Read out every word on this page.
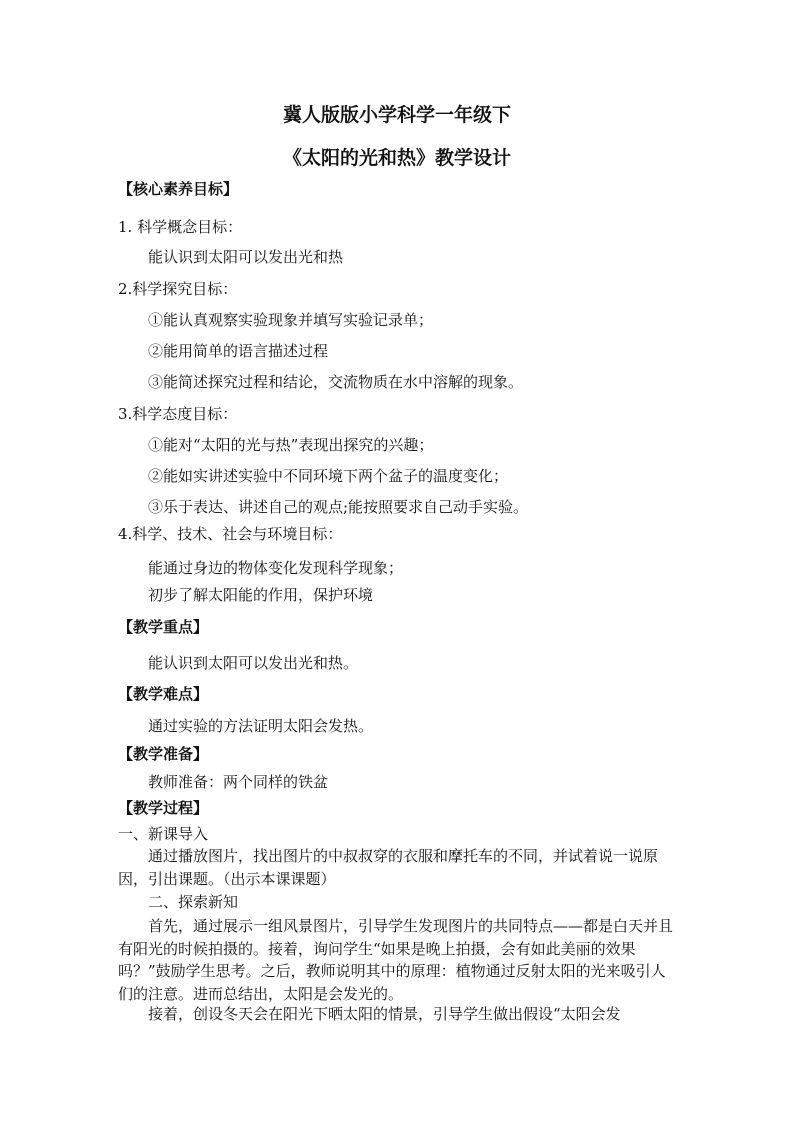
冀人版版小学科学一年级下
《太阳的光和热》教学设计
【核心素养目标】
1. 科学概念目标：
能认识到太阳可以发出光和热
2.科学探究目标：
①能认真观察实验现象并填写实验记录单；
②能用简单的语言描述过程
③能简述探究过程和结论，交流物质在水中溶解的现象。
3.科学态度目标：
①能对“太阳的光与热”表现出探究的兴趣；
②能如实讲述实验中不同环境下两个盆子的温度变化；
③乐于表达、讲述自己的观点;能按照要求自己动手实验。
4.科学、技术、社会与环境目标：
能通过身边的物体变化发现科学现象；
初步了解太阳能的作用，保护环境
【教学重点】
能认识到太阳可以发出光和热。
【教学难点】
通过实验的方法证明太阳会发热。
【教学准备】
教师准备：两个同样的铁盆
【教学过程】
一、新课导入
通过播放图片，找出图片的中叔叔穿的衣服和摩托车的不同，并试着说一说原因，引出课题。（出示本课课题）
二、探索新知
首先，通过展示一组风景图片，引导学生发现图片的共同特点——都是白天并且有阳光的时候拍摄的。接着，询问学生“如果是晚上拍摄，会有如此美丽的效果吗？”鼓励学生思考。之后，教师说明其中的原理：植物通过反射太阳的光来吸引人们的注意。进而总结出，太阳是会发光的。
接着，创设冬天会在阳光下晒太阳的情景，引导学生做出假设“太阳会发
